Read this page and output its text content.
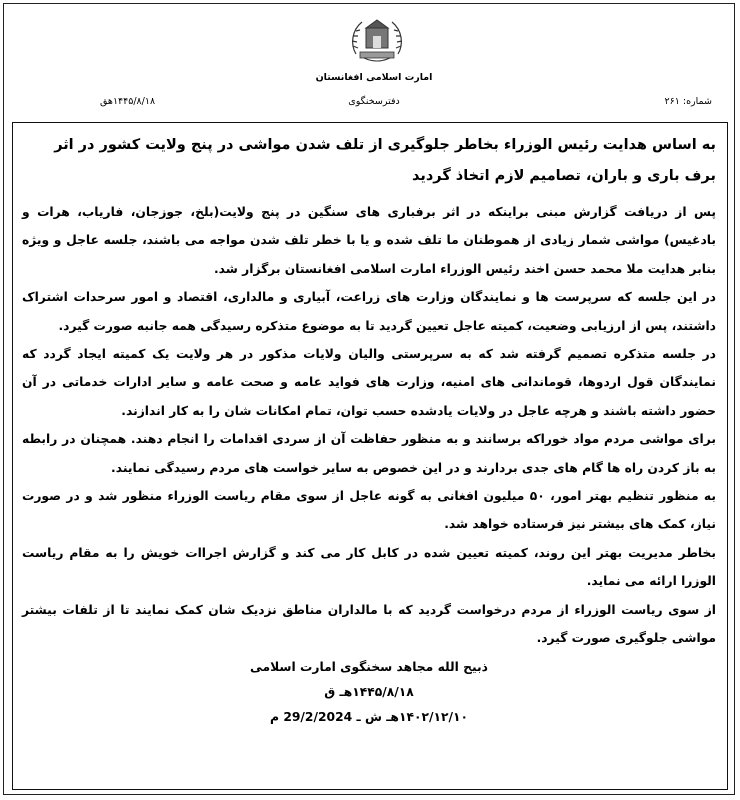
امارت اسلامی افغانستان
دفترسخنگوی	شماره: ۲۶۱
۱۴۴۵/۸/۱۸هق
به اساس هدایت رئیس الوزراء بخاطر جلوگیری از تلف شدن مواشی در پنج ولایت کشور در اثر برف باری و باران، تصامیم لازم اتخاذ گردید

پس از دریافت گزارش مبنی براینکه در اثر برفباری های سنگین در پنج ولایت(بلخ، جوزجان، فاریاب، هرات و بادغیس) مواشی شمار زیادی از هموطنان ما تلف شده و یا با خطر تلف شدن مواجه می باشند، جلسه عاجل و ویژه بنابر هدایت ملا محمد حسن اخند رئیس الوزراء امارت اسلامی افغانستان برگزار شد.

در این جلسه که سرپرست ها و نمایندگان وزارت های زراعت، آبیاری و مالداری، اقتصاد و امور سرحدات اشتراک داشتند، پس از ارزیابی وضعیت، کمیته عاجل تعیین گردید تا به موضوع متذکره رسیدگی همه جانبه صورت گیرد.

در جلسه متذکره تصمیم گرفته شد که به سرپرستی والیان ولایات مذکور در هر ولایت یک کمیته ایجاد گردد که نمایندگان قول اردوها، قوماندانی های امنیه، وزارت های فواید عامه و صحت عامه و سایر ادارات خدماتی در آن حضور داشته باشند و هرچه عاجل در ولایات یادشده حسب توان، تمام امکانات شان را به کار اندازند.

برای مواشی مردم مواد خوراکه برسانند و به منظور حفاظت آن از سردی اقدامات را انجام دهند. همچنان در رابطه به باز کردن راه ها گام های جدی بردارند و در این خصوص به سایر خواست های مردم رسیدگی نمایند.

به منظور تنظیم بهتر امور، ۵۰ میلیون افغانی به گونه عاجل از سوی مقام ریاست الوزراء منظور شد و در صورت نیاز، کمک های بیشتر نیز فرستاده خواهد شد.

بخاطر مدیریت بهتر این روند، کمیته تعیین شده در کابل کار می کند و گزارش اجراات خویش را به مقام ریاست الوزرا ارائه می نماید.

از سوی ریاست الوزراء از مردم درخواست گردید که با مالداران مناطق نزدیک شان کمک نمایند تا از تلفات بیشتر مواشی جلوگیری صورت گیرد.

ذبیح الله مجاهد سخنگوی امارت اسلامی
۱۴۴۵/۸/۱۸هـ ق
۱۴۰۲/۱۲/۱۰هـ ش ـ 29/2/2024 م
